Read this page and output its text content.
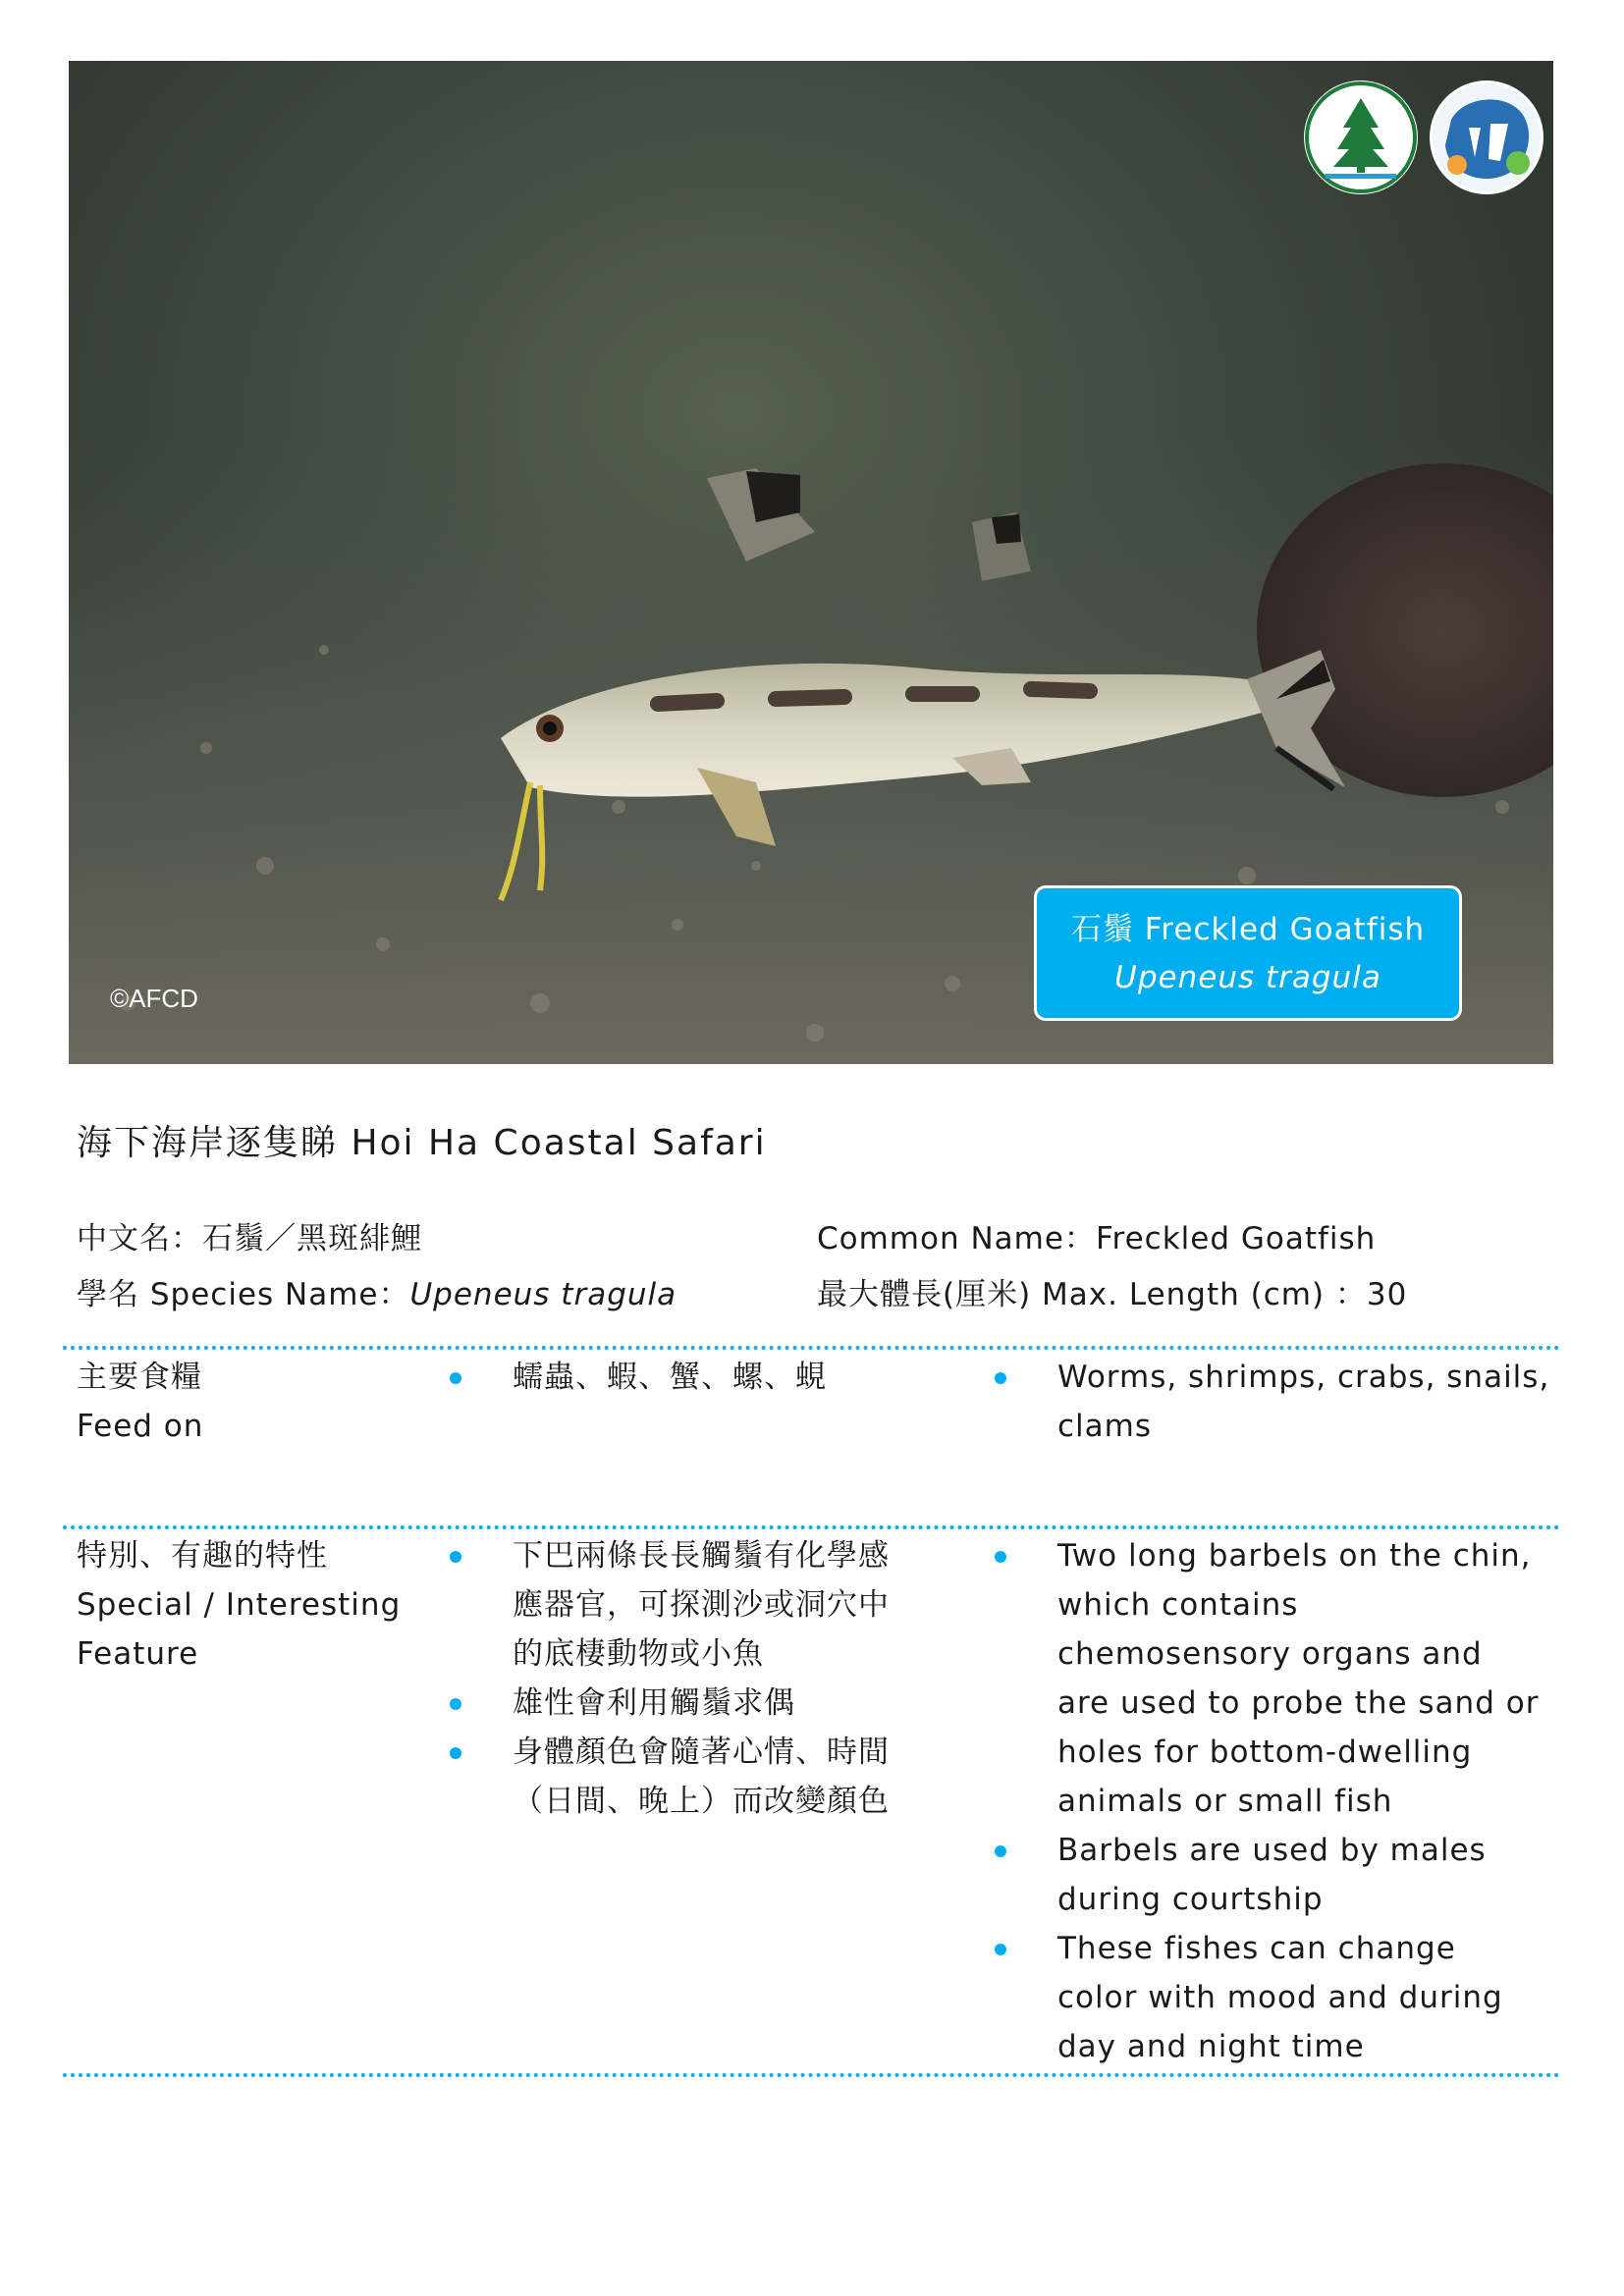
©AFCD
石鬚 Freckled Goatfish
Upeneus tragula
海下海岸逐隻睇 Hoi Ha Coastal Safari
中文名：石鬚／黑斑緋鯉
學名 Species Name：Upeneus tragula
Common Name：Freckled Goatfish
最大體長(厘米) Max. Length (cm) ：30
主要食糧
Feed on
蠕蟲、蝦、蟹、螺、蜆	Worms, shrimps, crabs, snails,
clams
特別、有趣的特性
Special / Interesting
Feature
下巴兩條長長觸鬚有化學感
應器官，可探測沙或洞穴中
的底棲動物或小魚
雄性會利用觸鬚求偶
身體顏色會隨著心情、時間
（日間、晚上）而改變顏色
Two long barbels on the chin,
which contains
chemosensory organs and
are used to probe the sand or
holes for bottom-dwelling
animals or small fish
Barbels are used by males
during courtship
These fishes can change
color with mood and during
day and night time
